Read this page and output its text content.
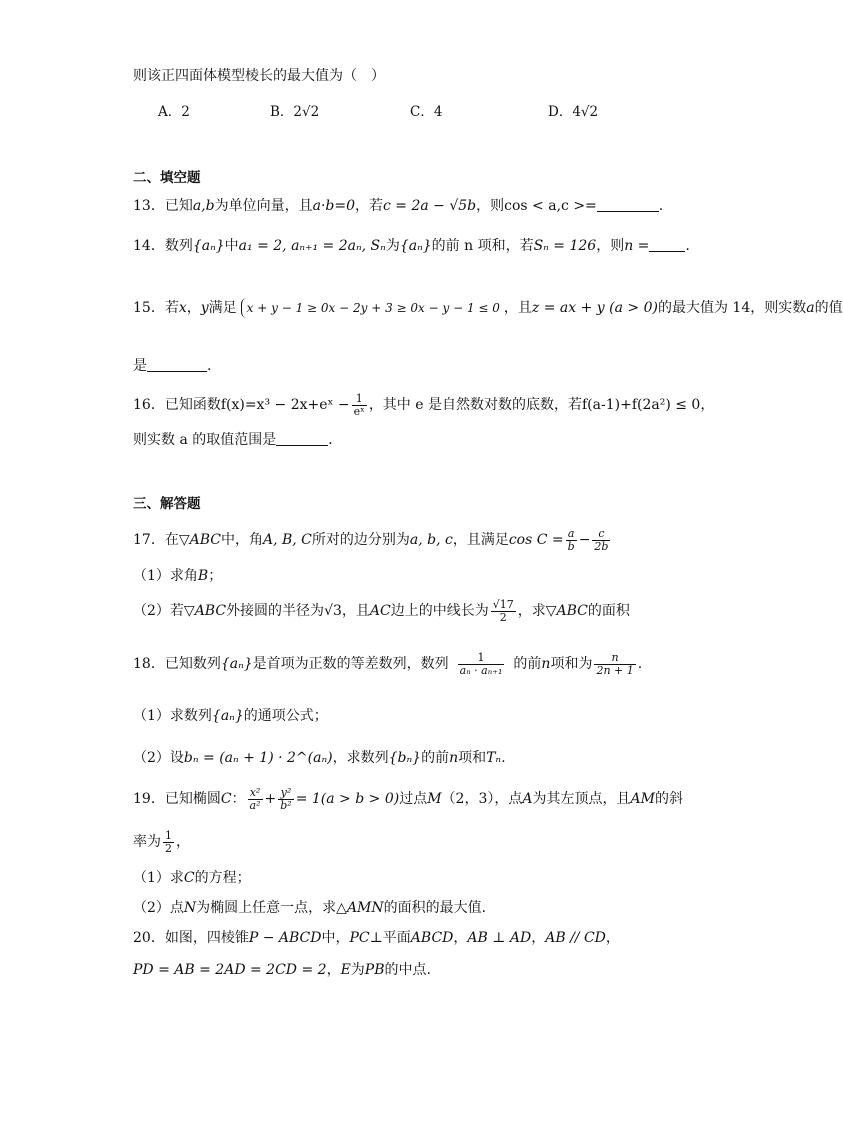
则该正四面体模型棱长的最大值为（　）
A．2	B．2√2	C．4	D．4√2
二、填空题
13．已知a,b为单位向量，且a·b=0，若c = 2a − √5b，则cos < a,c >=	.
14．数列{aₙ}中a₁ = 2, aₙ₊₁ = 2aₙ, Sₙ为{aₙ}的前 n 项和，若Sₙ = 126，则n =	.
15．若x，y满足 x + y − 1 ≥ 0x − 2y + 3 ≥ 0x − y − 1 ≤ 0 ，且z = ax + y (a > 0)的最大值为 14，则实数a的值
是	.
16．已知函数f(x)=x³ − 2x+eˣ − $\frac{1}{\text{eˣ}}$ ，其中 e 是自然数对数的底数，若f(a-1)+f(2a²) ≤ 0，
则实数 a 的取值范围是	．
三、解答题
17．在▽ABC中，角A, B, C所对的边分别为a, b, c，且满足$\cos C = \frac{a}{b} - \frac{c}{2b}$
（1）求角B；
（2）若▽ABC外接圆的半径为√3，且AC边上的中线长为 $\frac{√17}{2}$ ，求▽ABC的面积
18．已知数列{aₙ}是首项为正数的等差数列，数列 $\frac{1}{\text{aₙ · aₙ₊₁}}$ 的前n项和为 $\frac{n}{2n + 1}$ .
（1）求数列{aₙ}的通项公式；
（2）设bₙ = (aₙ + 1) · 2^(aₙ)，求数列{bₙ}的前n项和Tₙ.
19．已知椭圆C： $\frac{\text{x²}}{\text{a²}} + \frac{\text{y²}}{\text{b²}} = 1(a > b > 0)$过点M（2，3），点A为其左顶点，且AM的斜
率为 $\frac{1}{2}$ ，
（1）求C的方程；
（2）点N为椭圆上任意一点，求△AMN的面积的最大值.
20．如图，四棱锥P − ABCD中，PC⊥平面ABCD，AB ⊥ AD，AB // CD，
PD = AB = 2AD = 2CD = 2，E为PB的中点.
